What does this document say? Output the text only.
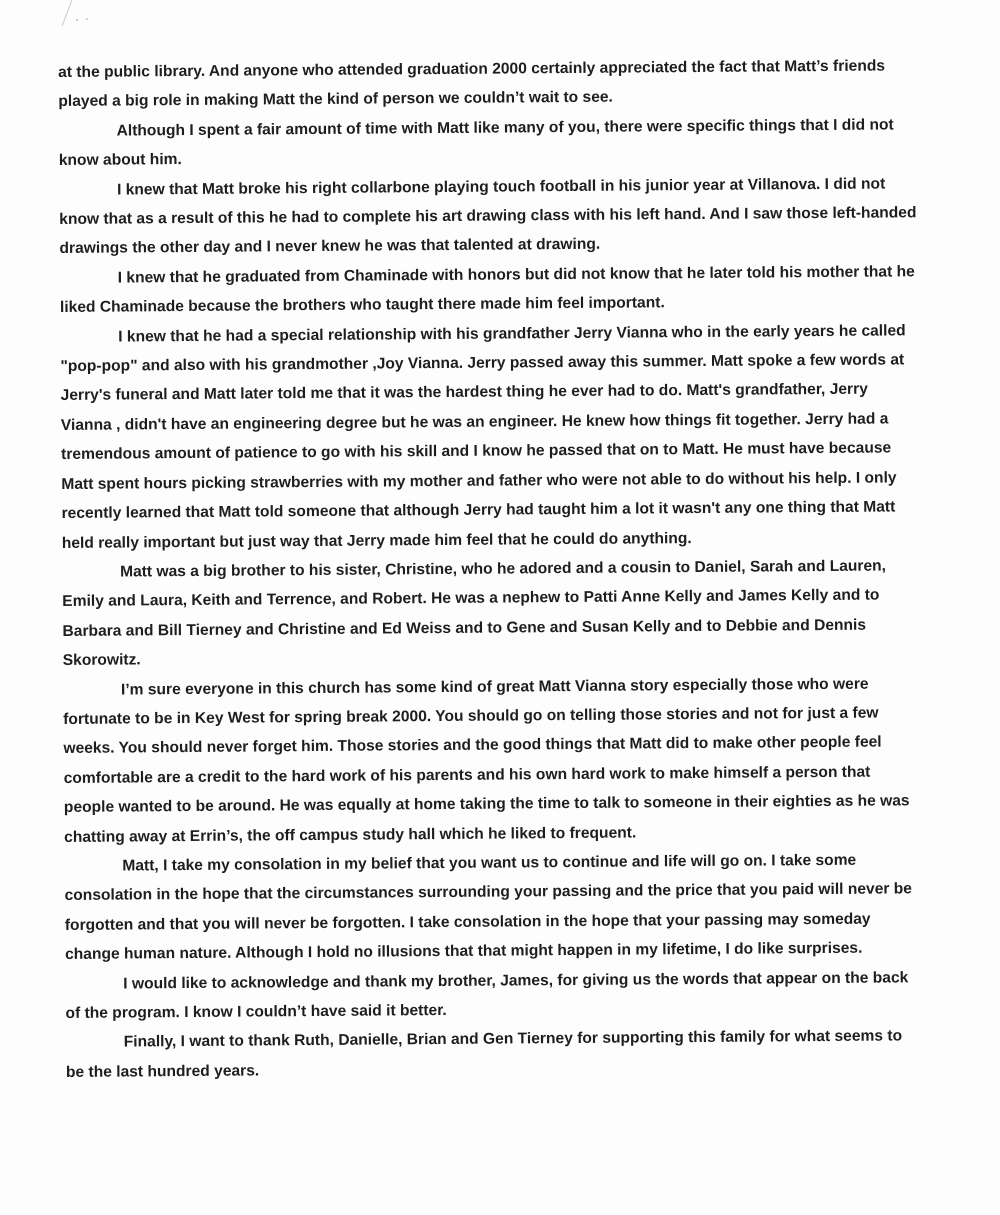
at the public library. And anyone who attended graduation 2000 certainly appreciated the fact that Matt’s friends played a big role in making Matt the kind of person we couldn’t wait to see.

Although I spent a fair amount of time with Matt like many of you, there were specific things that I did not know about him.

I knew that Matt broke his right collarbone playing touch football in his junior year at Villanova. I did not know that as a result of this he had to complete his art drawing class with his left hand. And I saw those left-handed drawings the other day and I never knew he was that talented at drawing.

I knew that he graduated from Chaminade with honors but did not know that he later told his mother that he liked Chaminade because the brothers who taught there made him feel important.

I knew that he had a special relationship with his grandfather Jerry Vianna who in the early years he called "pop-pop" and also with his grandmother ,Joy Vianna. Jerry passed away this summer. Matt spoke a few words at Jerry's funeral and Matt later told me that it was the hardest thing he ever had to do. Matt's grandfather, Jerry Vianna , didn't have an engineering degree but he was an engineer. He knew how things fit together. Jerry had a tremendous amount of patience to go with his skill and I know he passed that on to Matt. He must have because Matt spent hours picking strawberries with my mother and father who were not able to do without his help. I only recently learned that Matt told someone that although Jerry had taught him a lot it wasn't any one thing that Matt held really important but just way that Jerry made him feel that he could do anything.

Matt was a big brother to his sister, Christine, who he adored and a cousin to Daniel, Sarah and Lauren, Emily and Laura, Keith and Terrence, and Robert. He was a nephew to Patti Anne Kelly and James Kelly and to Barbara and Bill Tierney and Christine and Ed Weiss and to Gene and Susan Kelly and to Debbie and Dennis Skorowitz.

I’m sure everyone in this church has some kind of great Matt Vianna story especially those who were fortunate to be in Key West for spring break 2000. You should go on telling those stories and not for just a few weeks. You should never forget him. Those stories and the good things that Matt did to make other people feel comfortable are a credit to the hard work of his parents and his own hard work to make himself a person that people wanted to be around. He was equally at home taking the time to talk to someone in their eighties as he was chatting away at Errin’s, the off campus study hall which he liked to frequent.

Matt, I take my consolation in my belief that you want us to continue and life will go on. I take some consolation in the hope that the circumstances surrounding your passing and the price that you paid will never be forgotten and that you will never be forgotten. I take consolation in the hope that your passing may someday change human nature. Although I hold no illusions that that might happen in my lifetime, I do like surprises.

I would like to acknowledge and thank my brother, James, for giving us the words that appear on the back of the program. I know I couldn’t have said it better.

Finally, I want to thank Ruth, Danielle, Brian and Gen Tierney for supporting this family for what seems to be the last hundred years.
